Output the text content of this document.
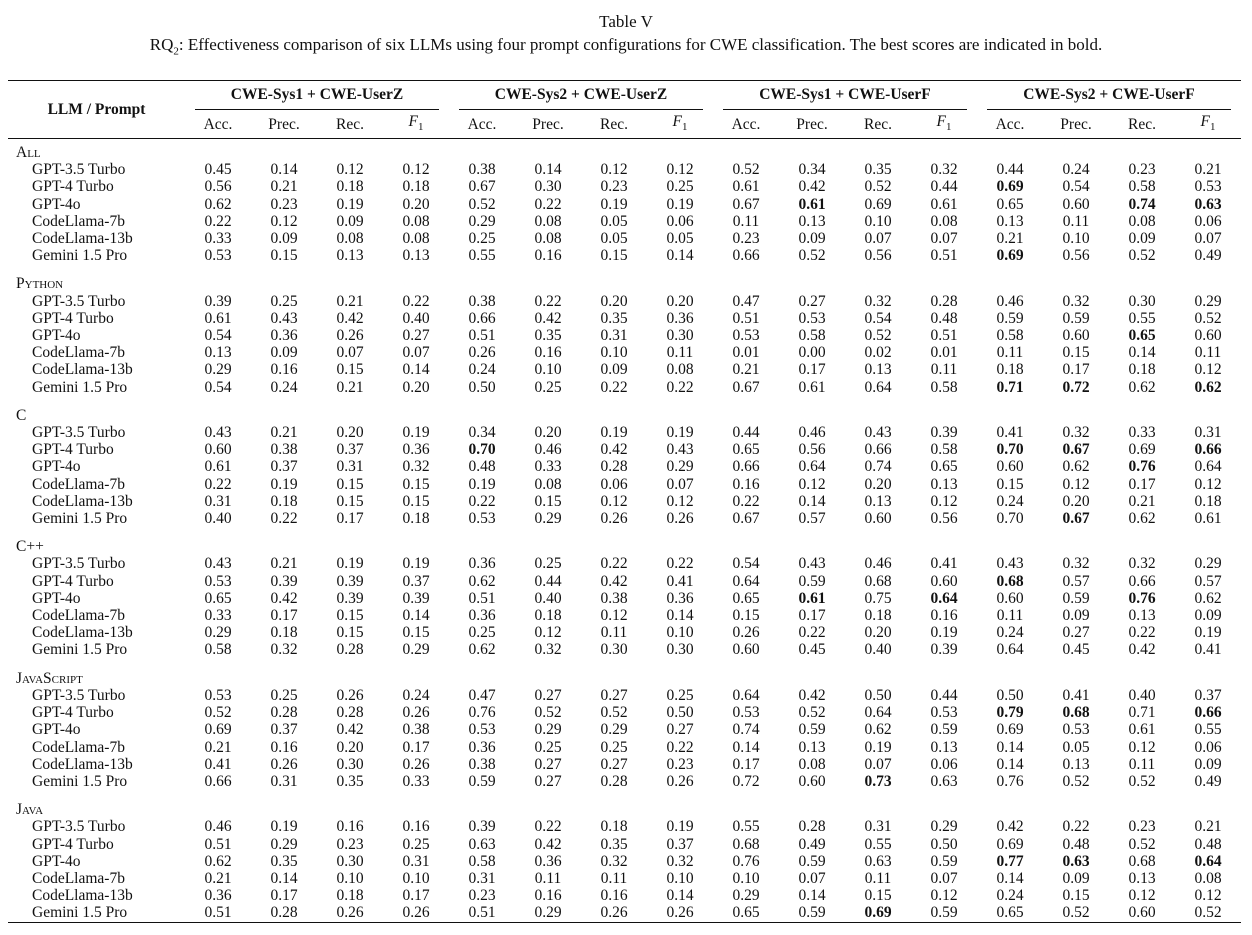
Table V
$RQ_2$: Effectiveness comparison of six LLMs using four prompt configurations for CWE classification. The best scores are indicated in bold.
LLM / Prompt	CWE-Sys1 + CWE-UserZ				CWE-Sys2 + CWE-UserZ				CWE-Sys1 + CWE-UserF				CWE-Sys2 + CWE-UserF			
	Acc.	Prec.	Rec.	$F_1$	Acc.	Prec.	Rec.	$F_1$	Acc.	Prec.	Rec.	$F_1$	Acc.	Prec.	Rec.	$F_1$

All																
GPT-3.5 Turbo	0.45	0.14	0.12	0.12	0.38	0.14	0.12	0.12	0.52	0.34	0.35	0.32	0.44	0.24	0.23	0.21
GPT-4 Turbo	0.56	0.21	0.18	0.18	0.67	0.30	0.23	0.25	0.61	0.42	0.52	0.44	0.69	0.54	0.58	0.53
GPT-4o	0.62	0.23	0.19	0.20	0.52	0.22	0.19	0.19	0.67	0.61	0.69	0.61	0.65	0.60	0.74	0.63
CodeLlama-7b	0.22	0.12	0.09	0.08	0.29	0.08	0.05	0.06	0.11	0.13	0.10	0.08	0.13	0.11	0.08	0.06
CodeLlama-13b	0.33	0.09	0.08	0.08	0.25	0.08	0.05	0.05	0.23	0.09	0.07	0.07	0.21	0.10	0.09	0.07
Gemini 1.5 Pro	0.53	0.15	0.13	0.13	0.55	0.16	0.15	0.14	0.66	0.52	0.56	0.51	0.69	0.56	0.52	0.49

Python																
GPT-3.5 Turbo	0.39	0.25	0.21	0.22	0.38	0.22	0.20	0.20	0.47	0.27	0.32	0.28	0.46	0.32	0.30	0.29
GPT-4 Turbo	0.61	0.43	0.42	0.40	0.66	0.42	0.35	0.36	0.51	0.53	0.54	0.48	0.59	0.59	0.55	0.52
GPT-4o	0.54	0.36	0.26	0.27	0.51	0.35	0.31	0.30	0.53	0.58	0.52	0.51	0.58	0.60	0.65	0.60
CodeLlama-7b	0.13	0.09	0.07	0.07	0.26	0.16	0.10	0.11	0.01	0.00	0.02	0.01	0.11	0.15	0.14	0.11
CodeLlama-13b	0.29	0.16	0.15	0.14	0.24	0.10	0.09	0.08	0.21	0.17	0.13	0.11	0.18	0.17	0.18	0.12
Gemini 1.5 Pro	0.54	0.24	0.21	0.20	0.50	0.25	0.22	0.22	0.67	0.61	0.64	0.58	0.71	0.72	0.62	0.62

C																
GPT-3.5 Turbo	0.43	0.21	0.20	0.19	0.34	0.20	0.19	0.19	0.44	0.46	0.43	0.39	0.41	0.32	0.33	0.31
GPT-4 Turbo	0.60	0.38	0.37	0.36	0.70	0.46	0.42	0.43	0.65	0.56	0.66	0.58	0.70	0.67	0.69	0.66
GPT-4o	0.61	0.37	0.31	0.32	0.48	0.33	0.28	0.29	0.66	0.64	0.74	0.65	0.60	0.62	0.76	0.64
CodeLlama-7b	0.22	0.19	0.15	0.15	0.19	0.08	0.06	0.07	0.16	0.12	0.20	0.13	0.15	0.12	0.17	0.12
CodeLlama-13b	0.31	0.18	0.15	0.15	0.22	0.15	0.12	0.12	0.22	0.14	0.13	0.12	0.24	0.20	0.21	0.18
Gemini 1.5 Pro	0.40	0.22	0.17	0.18	0.53	0.29	0.26	0.26	0.67	0.57	0.60	0.56	0.70	0.67	0.62	0.61

C++																
GPT-3.5 Turbo	0.43	0.21	0.19	0.19	0.36	0.25	0.22	0.22	0.54	0.43	0.46	0.41	0.43	0.32	0.32	0.29
GPT-4 Turbo	0.53	0.39	0.39	0.37	0.62	0.44	0.42	0.41	0.64	0.59	0.68	0.60	0.68	0.57	0.66	0.57
GPT-4o	0.65	0.42	0.39	0.39	0.51	0.40	0.38	0.36	0.65	0.61	0.75	0.64	0.60	0.59	0.76	0.62
CodeLlama-7b	0.33	0.17	0.15	0.14	0.36	0.18	0.12	0.14	0.15	0.17	0.18	0.16	0.11	0.09	0.13	0.09
CodeLlama-13b	0.29	0.18	0.15	0.15	0.25	0.12	0.11	0.10	0.26	0.22	0.20	0.19	0.24	0.27	0.22	0.19
Gemini 1.5 Pro	0.58	0.32	0.28	0.29	0.62	0.32	0.30	0.30	0.60	0.45	0.40	0.39	0.64	0.45	0.42	0.41

JavaScript																
GPT-3.5 Turbo	0.53	0.25	0.26	0.24	0.47	0.27	0.27	0.25	0.64	0.42	0.50	0.44	0.50	0.41	0.40	0.37
GPT-4 Turbo	0.52	0.28	0.28	0.26	0.76	0.52	0.52	0.50	0.53	0.52	0.64	0.53	0.79	0.68	0.71	0.66
GPT-4o	0.69	0.37	0.42	0.38	0.53	0.29	0.29	0.27	0.74	0.59	0.62	0.59	0.69	0.53	0.61	0.55
CodeLlama-7b	0.21	0.16	0.20	0.17	0.36	0.25	0.25	0.22	0.14	0.13	0.19	0.13	0.14	0.05	0.12	0.06
CodeLlama-13b	0.41	0.26	0.30	0.26	0.38	0.27	0.27	0.23	0.17	0.08	0.07	0.06	0.14	0.13	0.11	0.09
Gemini 1.5 Pro	0.66	0.31	0.35	0.33	0.59	0.27	0.28	0.26	0.72	0.60	0.73	0.63	0.76	0.52	0.52	0.49

Java																
GPT-3.5 Turbo	0.46	0.19	0.16	0.16	0.39	0.22	0.18	0.19	0.55	0.28	0.31	0.29	0.42	0.22	0.23	0.21
GPT-4 Turbo	0.51	0.29	0.23	0.25	0.63	0.42	0.35	0.37	0.68	0.49	0.55	0.50	0.69	0.48	0.52	0.48
GPT-4o	0.62	0.35	0.30	0.31	0.58	0.36	0.32	0.32	0.76	0.59	0.63	0.59	0.77	0.63	0.68	0.64
CodeLlama-7b	0.21	0.14	0.10	0.10	0.31	0.11	0.11	0.10	0.10	0.07	0.11	0.07	0.14	0.09	0.13	0.08
CodeLlama-13b	0.36	0.17	0.18	0.17	0.23	0.16	0.16	0.14	0.29	0.14	0.15	0.12	0.24	0.15	0.12	0.12
Gemini 1.5 Pro	0.51	0.28	0.26	0.26	0.51	0.29	0.26	0.26	0.65	0.59	0.69	0.59	0.65	0.52	0.60	0.52
